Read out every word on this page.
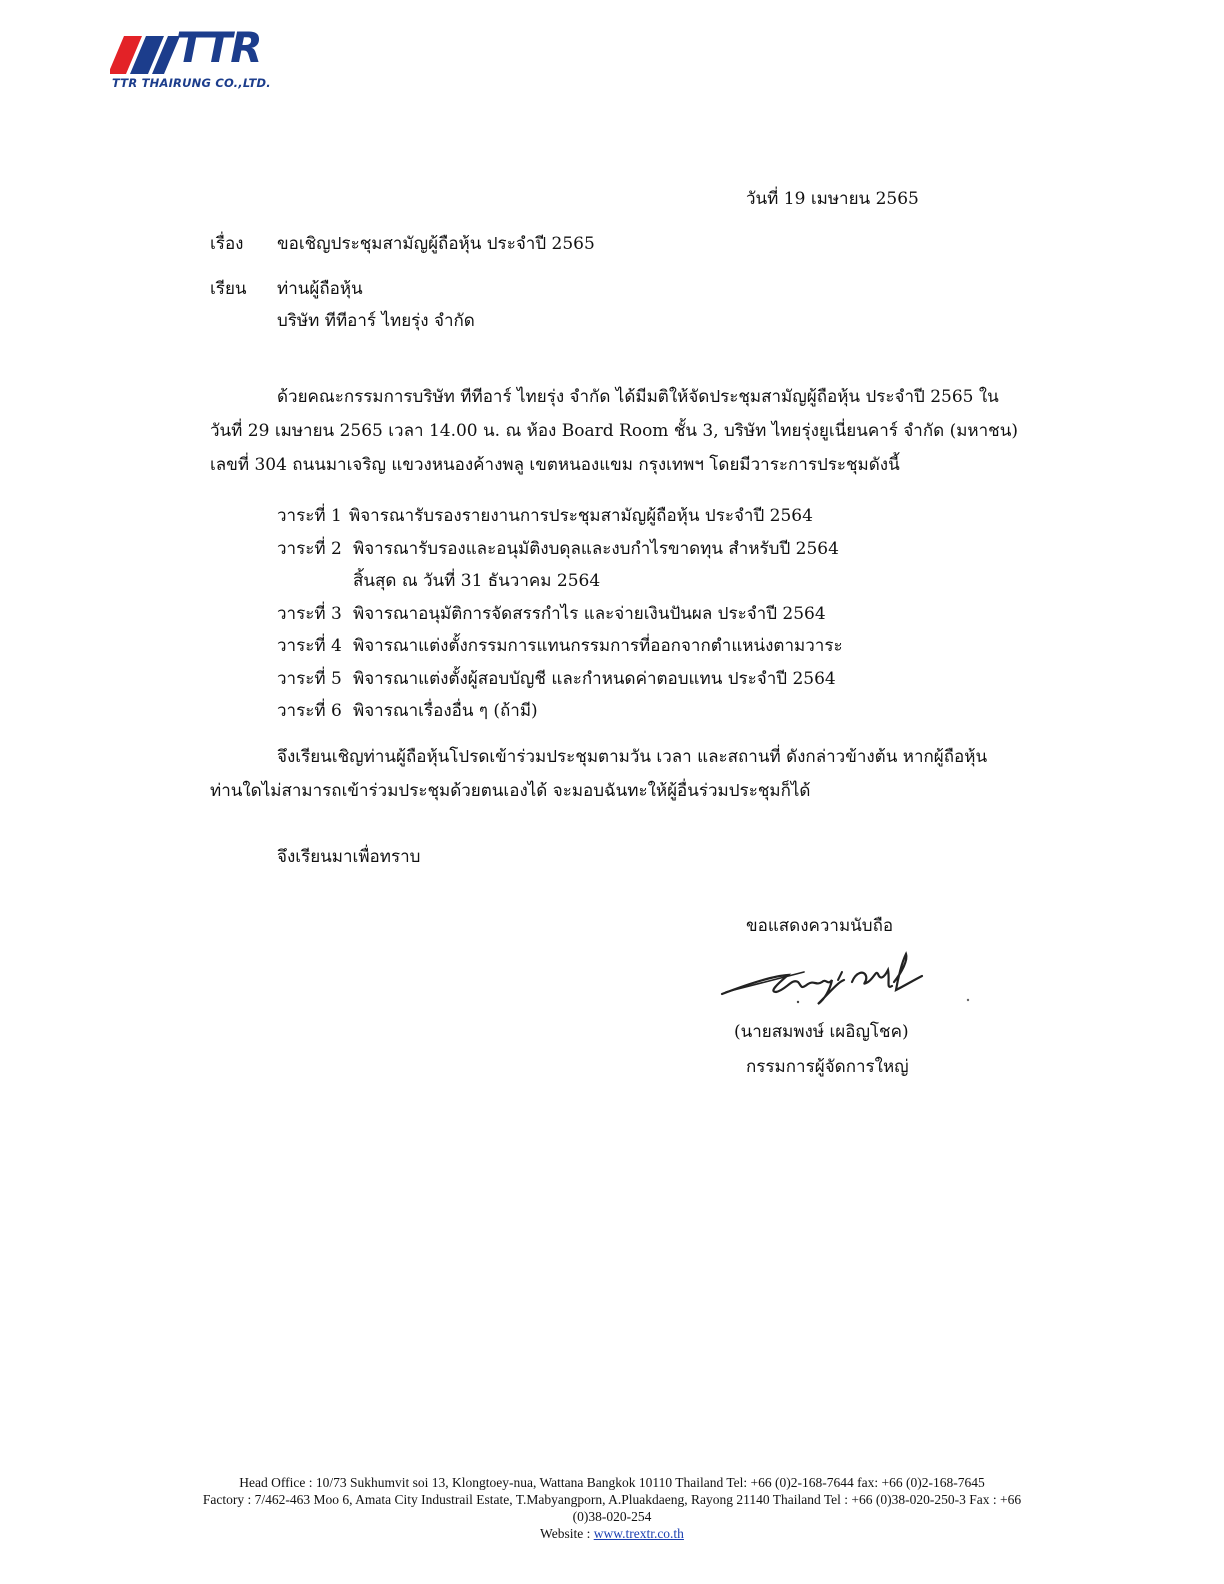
TTR
TTR THAIRUNG CO.,LTD.
วันที่ 19 เมษายน 2565
เรื่อง ขอเชิญประชุมสามัญผู้ถือหุ้น ประจำปี 2565
เรียน ท่านผู้ถือหุ้น
บริษัท ทีทีอาร์ ไทยรุ่ง จำกัด
ด้วยคณะกรรมการบริษัท ทีทีอาร์ ไทยรุ่ง จำกัด ได้มีมติให้จัดประชุมสามัญผู้ถือหุ้น ประจำปี 2565 ใน
วันที่ 29 เมษายน 2565 เวลา 14.00 น. ณ ห้อง Board Room ชั้น 3, บริษัท ไทยรุ่งยูเนี่ยนคาร์ จำกัด (มหาชน)
เลขที่ 304 ถนนมาเจริญ แขวงหนองค้างพลู เขตหนองแขม กรุงเทพฯ โดยมีวาระการประชุมดังนี้
วาระที่ 1 พิจารณารับรองรายงานการประชุมสามัญผู้ถือหุ้น ประจำปี 2564
วาระที่ 2 พิจารณารับรองและอนุมัติงบดุลและงบกำไรขาดทุน สำหรับปี 2564
สิ้นสุด ณ วันที่ 31 ธันวาคม 2564
วาระที่ 3 พิจารณาอนุมัติการจัดสรรกำไร และจ่ายเงินปันผล ประจำปี 2564
วาระที่ 4 พิจารณาแต่งตั้งกรรมการแทนกรรมการที่ออกจากตำแหน่งตามวาระ
วาระที่ 5 พิจารณาแต่งตั้งผู้สอบบัญชี และกำหนดค่าตอบแทน ประจำปี 2564
วาระที่ 6 พิจารณาเรื่องอื่น ๆ (ถ้ามี)
จึงเรียนเชิญท่านผู้ถือหุ้นโปรดเข้าร่วมประชุมตามวัน เวลา และสถานที่ ดังกล่าวข้างต้น หากผู้ถือหุ้น
ท่านใดไม่สามารถเข้าร่วมประชุมด้วยตนเองได้ จะมอบฉันทะให้ผู้อื่นร่วมประชุมก็ได้
จึงเรียนมาเพื่อทราบ
ขอแสดงความนับถือ
(นายสมพงษ์ เผอิญโชค)
กรรมการผู้จัดการใหญ่
Head Office : 10/73 Sukhumvit soi 13, Klongtoey-nua, Wattana Bangkok 10110 Thailand Tel: +66 (0)2-168-7644 fax: +66 (0)2-168-7645
Factory : 7/462-463 Moo 6, Amata City Industrail Estate, T.Mabyangporn, A.Pluakdaeng, Rayong 21140 Thailand Tel : +66 (0)38-020-250-3 Fax : +66
(0)38-020-254
Website : www.trextr.co.th
